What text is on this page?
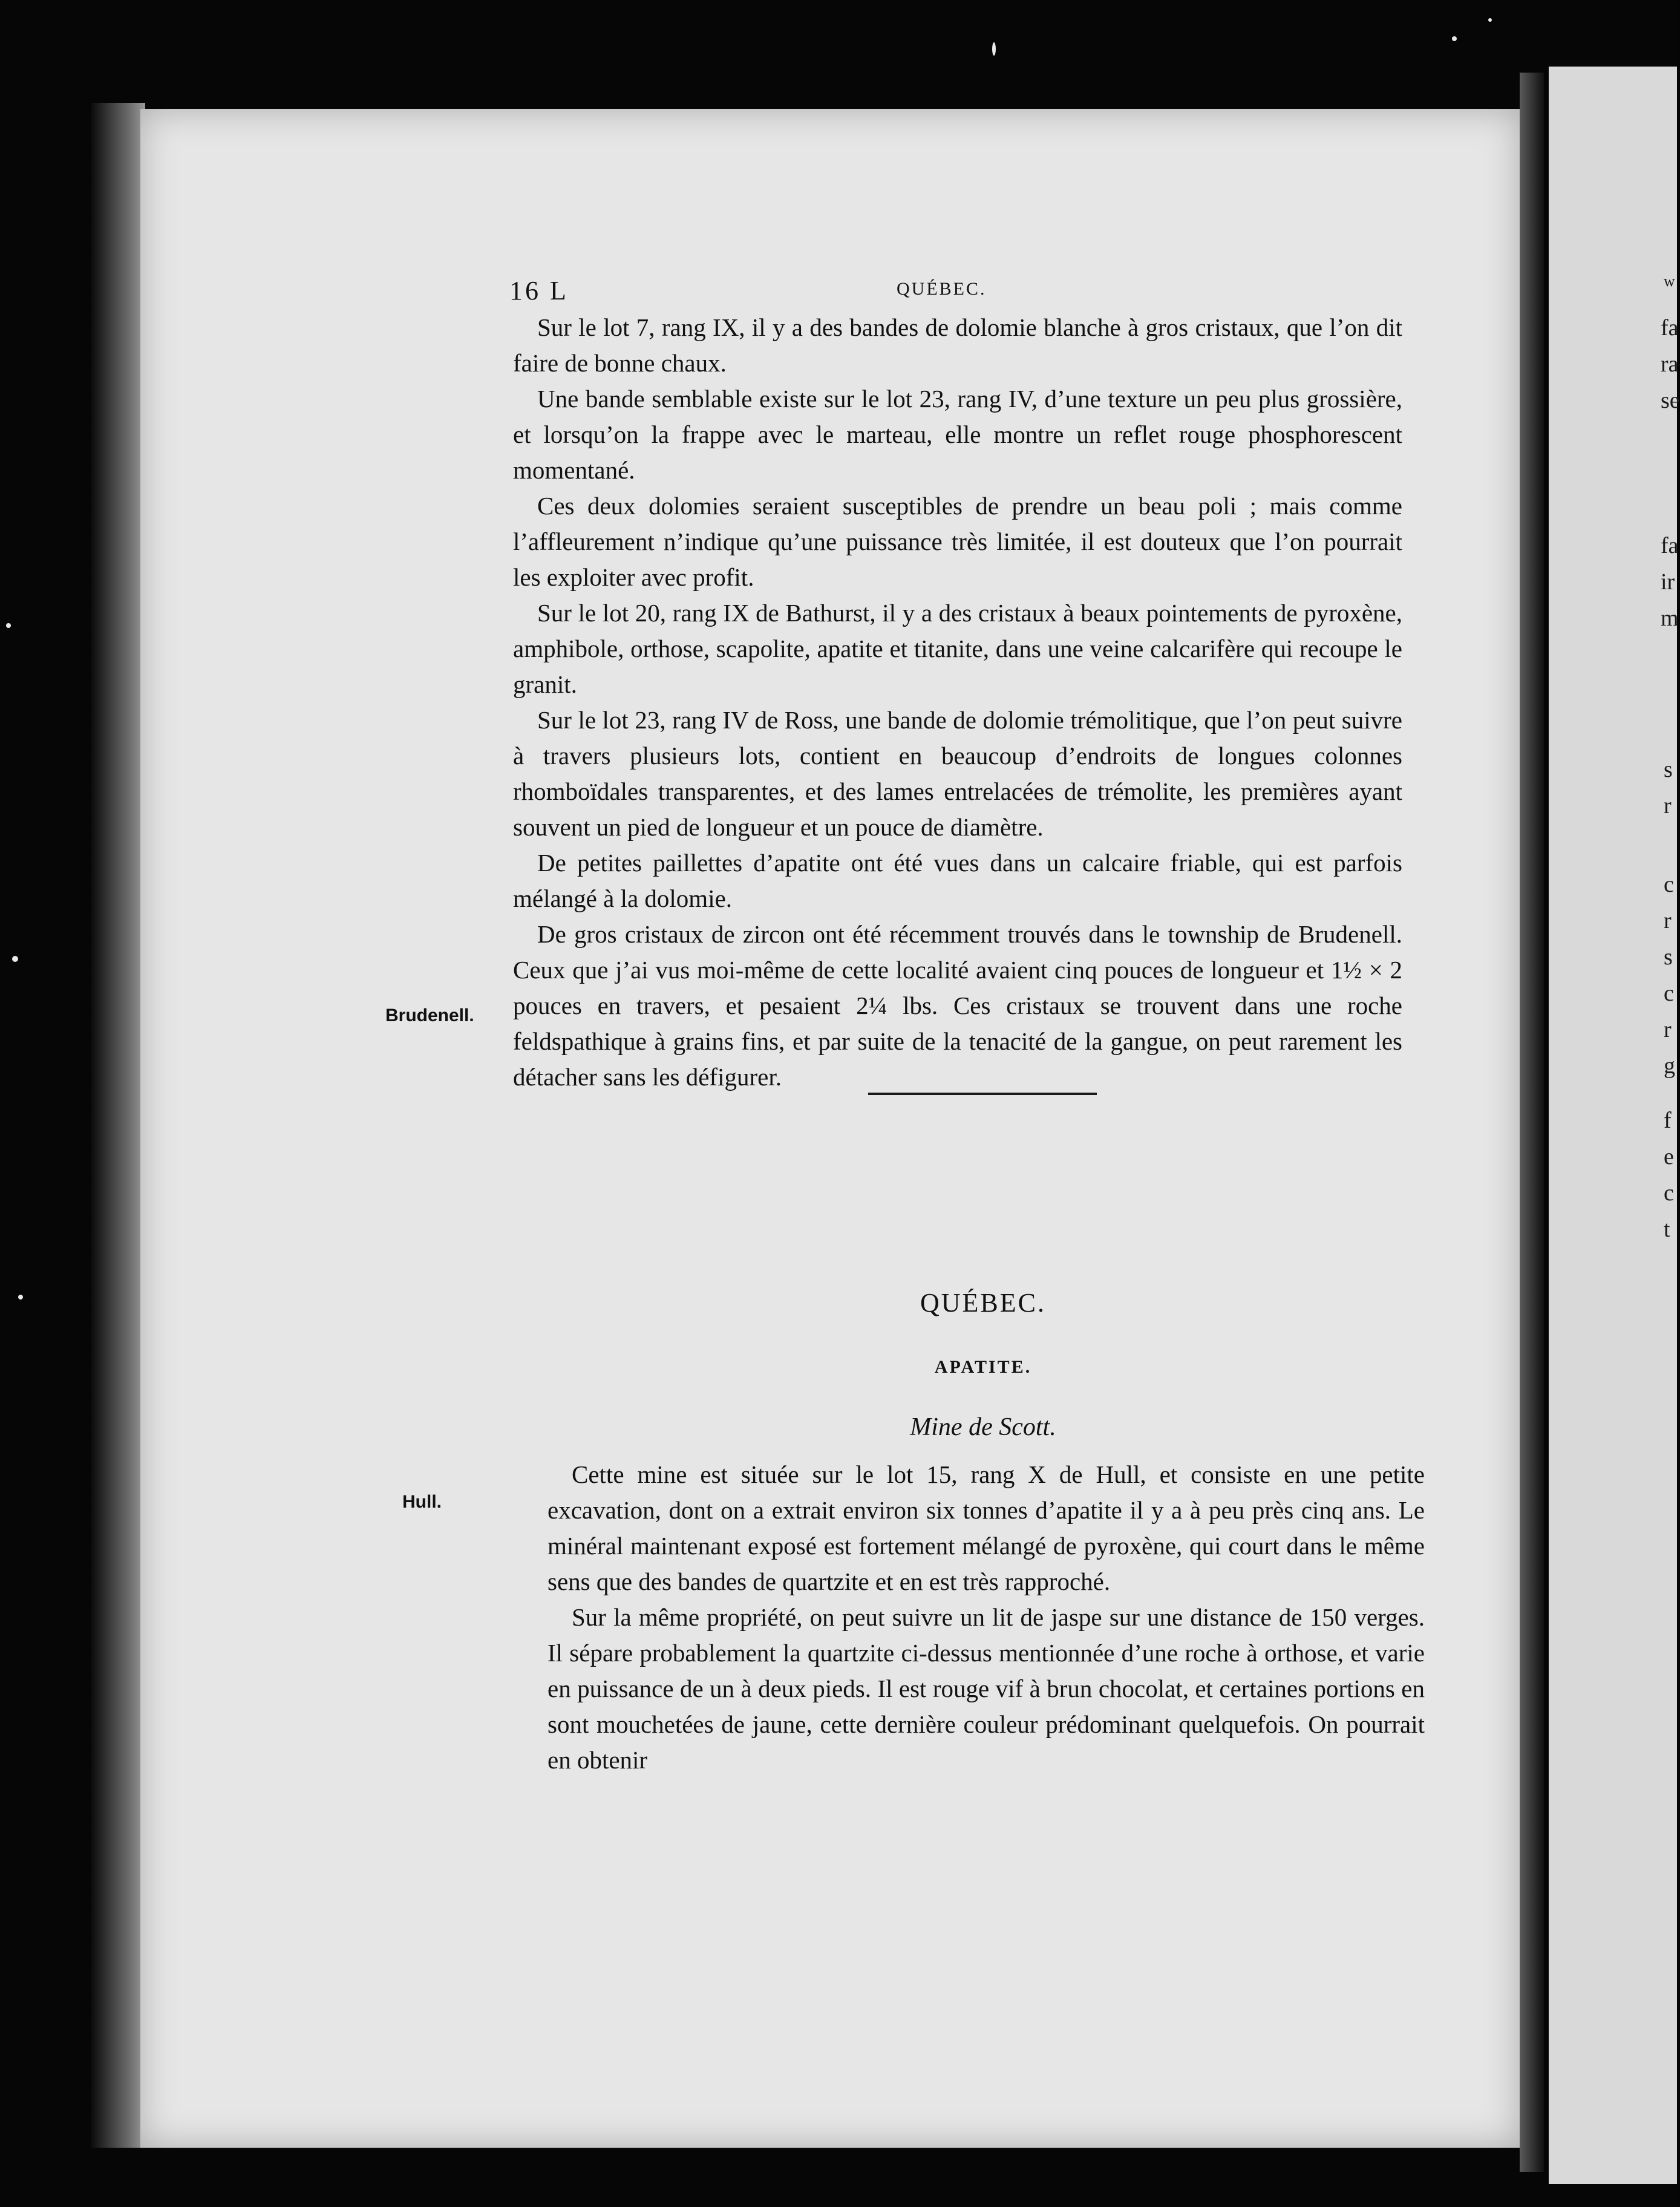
w
fa
ra
se
fa
ir
m
s
r
c
r
s
c
r
g
f
e
c
t
16 L	QUÉBEC.

Sur le lot 7, rang IX, il y a des bandes de dolomie blanche à gros cristaux, que l’on dit faire de bonne chaux.

Une bande semblable existe sur le lot 23, rang IV, d’une texture un peu plus grossière, et lorsqu’on la frappe avec le marteau, elle montre un reflet rouge phosphorescent momentané.

Ces deux dolomies seraient susceptibles de prendre un beau poli ; mais comme l’affleurement n’indique qu’une puissance très limitée, il est douteux que l’on pourrait les exploiter avec profit.

Sur le lot 20, rang IX de Bathurst, il y a des cristaux à beaux pointements de pyroxène, amphibole, orthose, scapolite, apatite et titanite, dans une veine calcarifère qui recoupe le granit.

Sur le lot 23, rang IV de Ross, une bande de dolomie trémolitique, que l’on peut suivre à travers plusieurs lots, contient en beaucoup d’endroits de longues colonnes rhomboïdales transparentes, et des lames entrelacées de trémolite, les premières ayant souvent un pied de longueur et un pouce de diamètre.

De petites paillettes d’apatite ont été vues dans un calcaire friable, qui est parfois mélangé à la dolomie.

De gros cristaux de zircon ont été récemment trouvés dans le township de Brudenell. Ceux que j’ai vus moi-même de cette localité avaient cinq pouces de longueur et 1½ × 2 pouces en travers, et pesaient 2¼ lbs. Ces cristaux se trouvent dans une roche feldspathique à grains fins, et par suite de la tenacité de la gangue, on peut rarement les détacher sans les défigurer.

Brudenell.
QUÉBEC.
APATITE.
Mine de Scott.
Hull.

Cette mine est située sur le lot 15, rang X de Hull, et consiste en une petite excavation, dont on a extrait environ six tonnes d’apatite il y a à peu près cinq ans. Le minéral maintenant exposé est fortement mélangé de pyroxène, qui court dans le même sens que des bandes de quartzite et en est très rapproché.

Sur la même propriété, on peut suivre un lit de jaspe sur une distance de 150 verges. Il sépare probablement la quartzite ci-dessus mentionnée d’une roche à orthose, et varie en puissance de un à deux pieds. Il est rouge vif à brun chocolat, et certaines portions en sont mouchetées de jaune, cette dernière couleur prédominant quelquefois. On pourrait en obtenir
